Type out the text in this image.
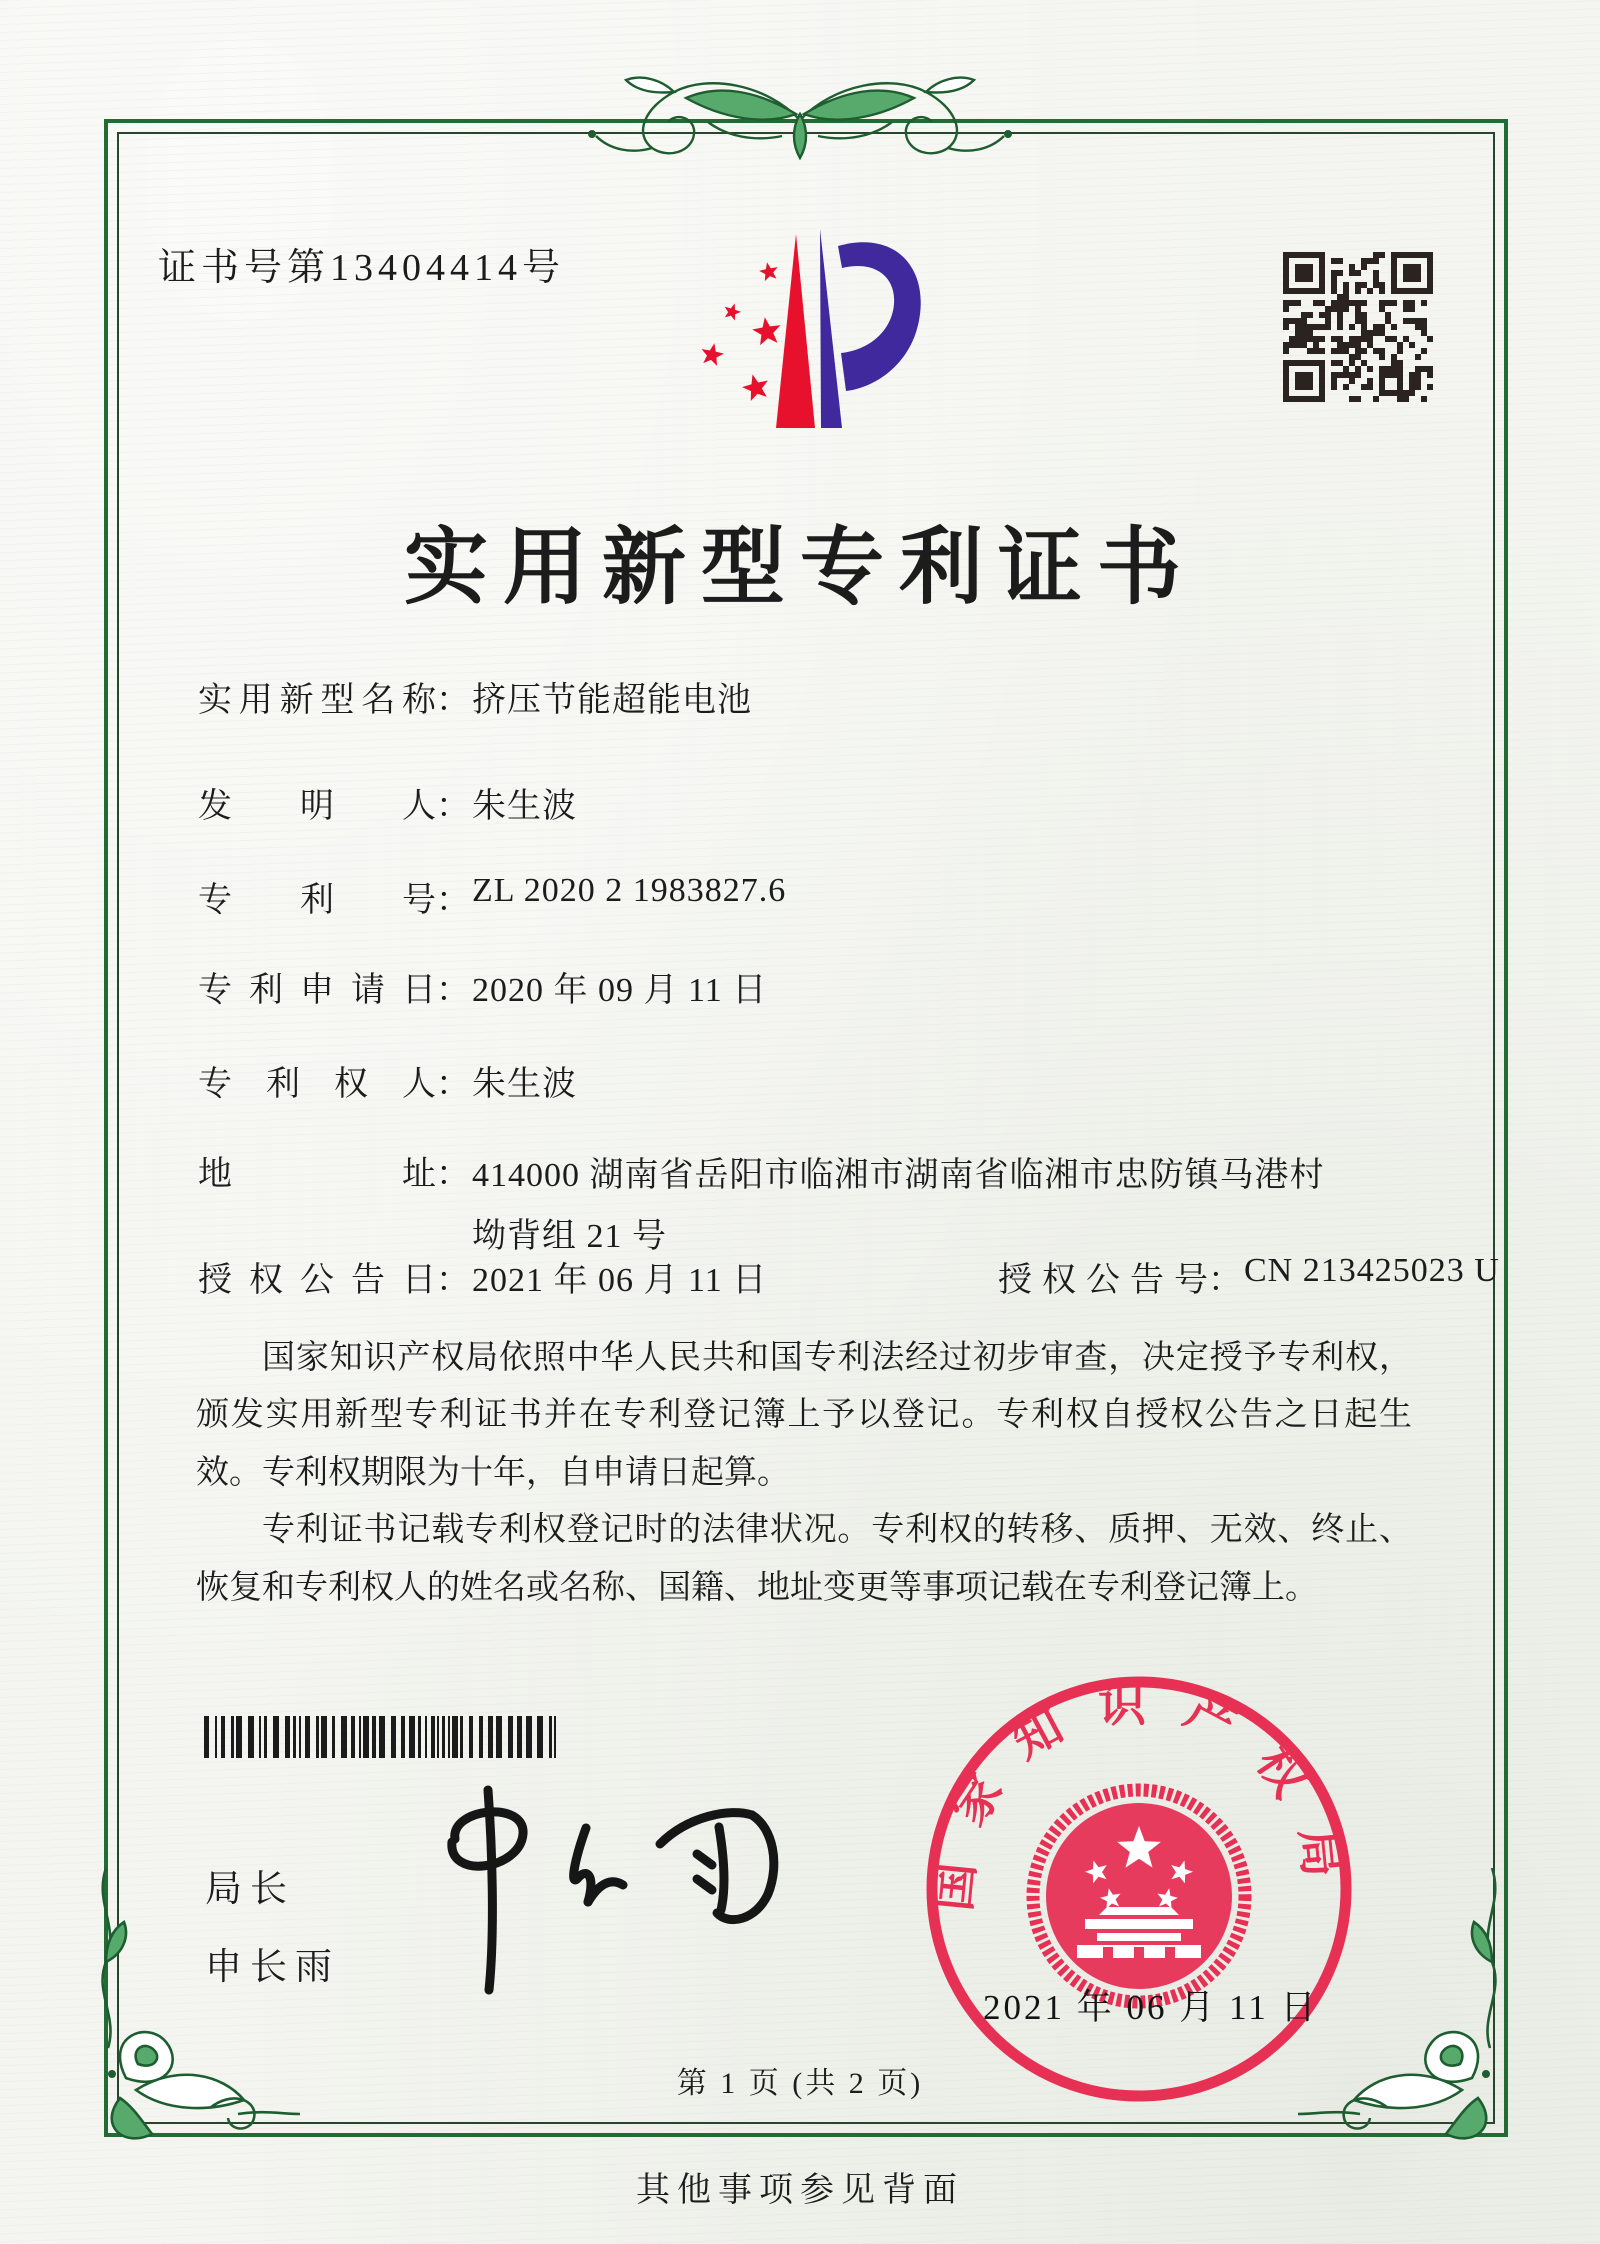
证书号第13404414号
实用新型专利证书
实用新型名称：挤压节能超能电池
发明人：朱生波
专利号：ZL 2020 2 1983827.6
专利申请日：2020 年 09 月 11 日
专利权人：朱生波
地址：414000 湖南省岳阳市临湘市湖南省临湘市忠防镇马港村坳背组 21 号
授权公告日：2021 年 06 月 11 日	授权公告号：CN 213425023 U

国家知识产权局依照中华人民共和国专利法经过初步审查，决定授予专利权，颁发实用新型专利证书并在专利登记簿上予以登记。专利权自授权公告之日起生效。专利权期限为十年，自申请日起算。

专利证书记载专利权登记时的法律状况。专利权的转移、质押、无效、终止、恢复和专利权人的姓名或名称、国籍、地址变更等事项记载在专利登记簿上。

局长
申长雨
国家知识产权局
2021 年 06 月 11 日
第 1 页 (共 2 页)
其他事项参见背面
